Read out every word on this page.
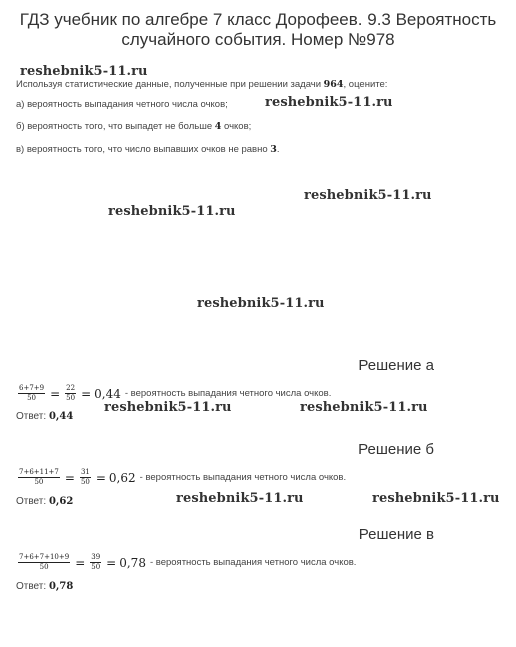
ГДЗ учебник по алгебре 7 класс Дорофеев. 9.3 Вероятность случайного события. Номер №978
Используя статистические данные, полученные при решении задачи 964, оцените:
а) вероятность выпадания четного числа очков;
б) вероятность того, что выпадет не больше 4 очков;
в) вероятность того, что число выпавших очков не равно 3.
reshebnik5-11.ru
reshebnik5-11.ru
reshebnik5-11.ru
reshebnik5-11.ru
reshebnik5-11.ru
reshebnik5-11.ru	reshebnik5-11.ru
reshebnik5-11.ru	reshebnik5-11.ru
Решение а
$\frac{6+7+9}{50} = \frac{22}{50} = 0,44$ - вероятность выпадания четного числа очков.
Ответ: 0,44
Решение б
$\frac{7+6+11+7}{50} = \frac{31}{50} = 0,62$ - вероятность выпадания четного числа очков.
Ответ: 0,62
Решение в
$\frac{7+6+7+10+9}{50} = \frac{39}{50} = 0,78$ - вероятность выпадания четного числа очков.
Ответ: 0,78
